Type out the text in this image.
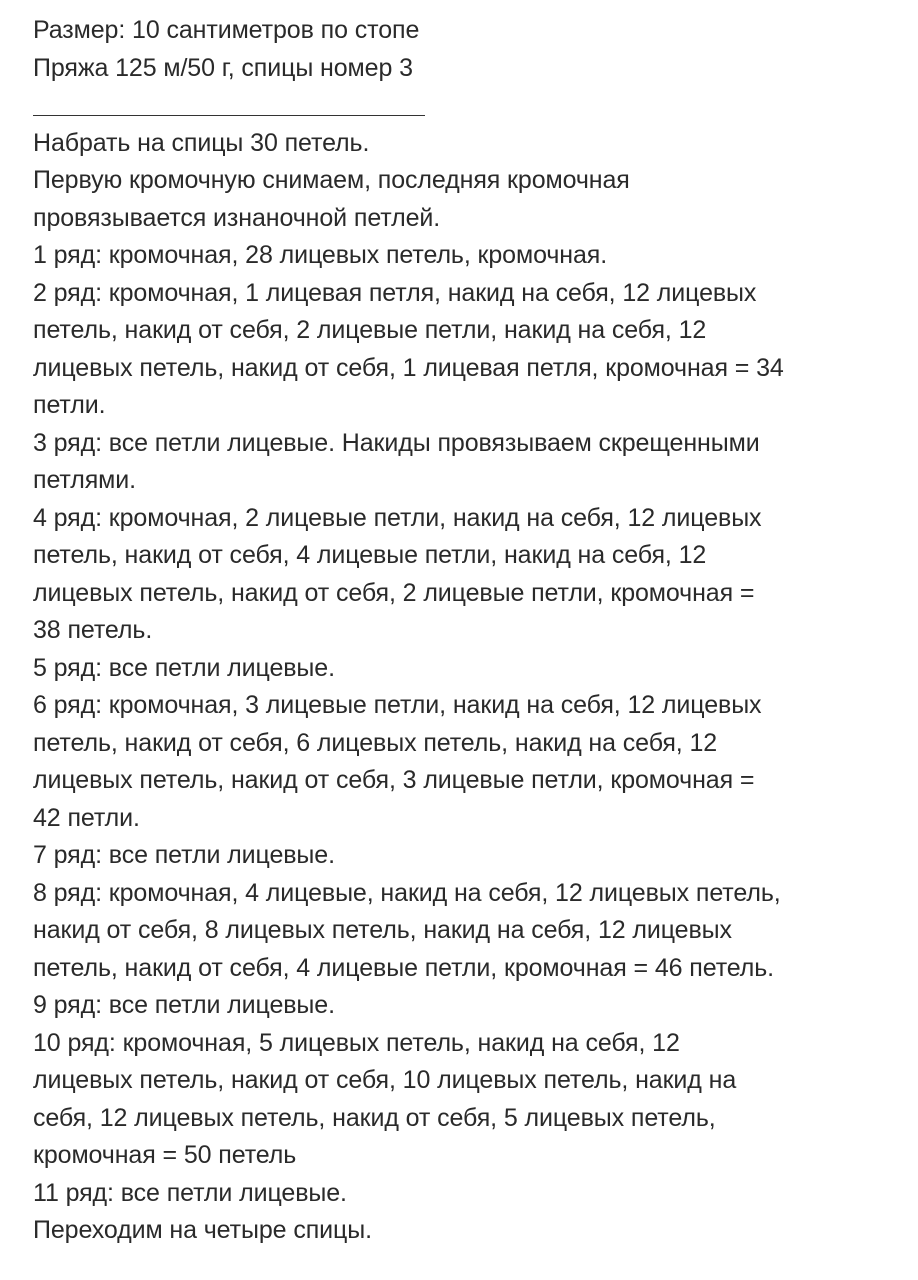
Размер: 10 сантиметров по стопе
Пряжа 125 м/50 г, спицы номер 3
Набрать на спицы 30 петель.
Первую кромочную снимаем, последняя кромочная
провязывается изнаночной петлей.
1 ряд: кромочная, 28 лицевых петель, кромочная.
2 ряд: кромочная, 1 лицевая петля, накид на себя, 12 лицевых
петель, накид от себя, 2 лицевые петли, накид на себя, 12
лицевых петель, накид от себя, 1 лицевая петля, кромочная = 34
петли.
3 ряд: все петли лицевые. Накиды провязываем скрещенными
петлями.
4 ряд: кромочная, 2 лицевые петли, накид на себя, 12 лицевых
петель, накид от себя, 4 лицевые петли, накид на себя, 12
лицевых петель, накид от себя, 2 лицевые петли, кромочная =
38 петель.
5 ряд: все петли лицевые.
6 ряд: кромочная, 3 лицевые петли, накид на себя, 12 лицевых
петель, накид от себя, 6 лицевых петель, накид на себя, 12
лицевых петель, накид от себя, 3 лицевые петли, кромочная =
42 петли.
7 ряд: все петли лицевые.
8 ряд: кромочная, 4 лицевые, накид на себя, 12 лицевых петель,
накид от себя, 8 лицевых петель, накид на себя, 12 лицевых
петель, накид от себя, 4 лицевые петли, кромочная = 46 петель.
9 ряд: все петли лицевые.
10 ряд: кромочная, 5 лицевых петель, накид на себя, 12
лицевых петель, накид от себя, 10 лицевых петель, накид на
себя, 12 лицевых петель, накид от себя, 5 лицевых петель,
кромочная = 50 петель
11 ряд: все петли лицевые.
Переходим на четыре спицы.
